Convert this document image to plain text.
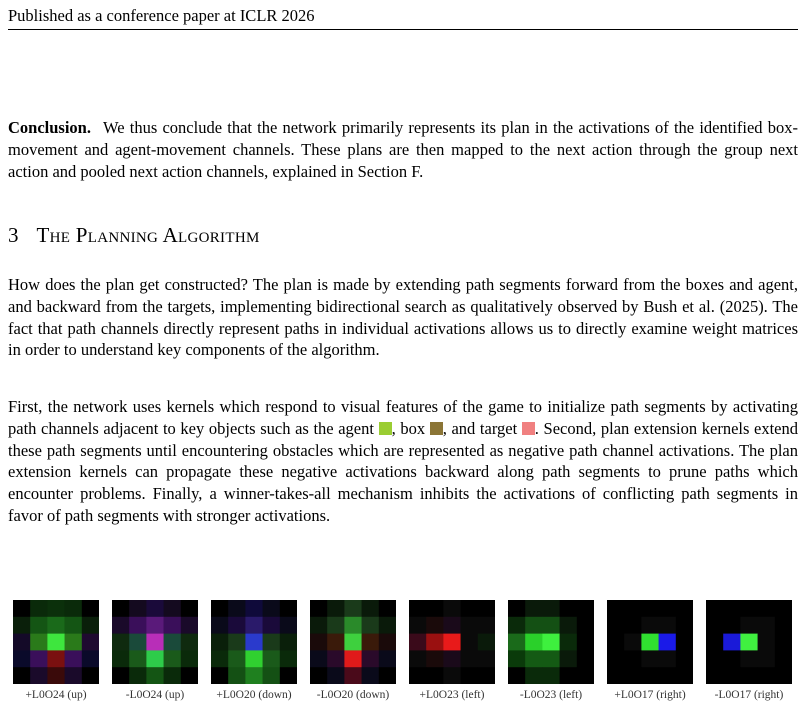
Published as a conference paper at ICLR 2026

Conclusion. We thus conclude that the network primarily represents its plan in the activations of the identified box-movement and agent-movement channels. These plans are then mapped to the next action through the group next action and pooled next action channels, explained in Section F.

3 The Planning Algorithm

How does the plan get constructed? The plan is made by extending path segments forward from the boxes and agent, and backward from the targets, implementing bidirectional search as qualitatively observed by Bush et al. (2025). The fact that path channels directly represent paths in individual activations allows us to directly examine weight matrices in order to understand key components of the algorithm.

First, the network uses kernels which respond to visual features of the game to initialize path segments by activating path channels adjacent to key objects such as the agent , box , and target . Second, plan extension kernels extend these path segments until encountering obstacles which are represented as negative path channel activations. The plan extension kernels can propagate these negative activations backward along path segments to prune paths which encounter problems. Finally, a winner-takes-all mechanism inhibits the activations of conflicting path segments in favor of path segments with stronger activations.

+L0O24 (up)	-L0O24 (up)	+L0O20 (down)	-L0O20 (down)	+L0O23 (left)	-L0O23 (left)	+L0O17 (right)	-L0O17 (right)
